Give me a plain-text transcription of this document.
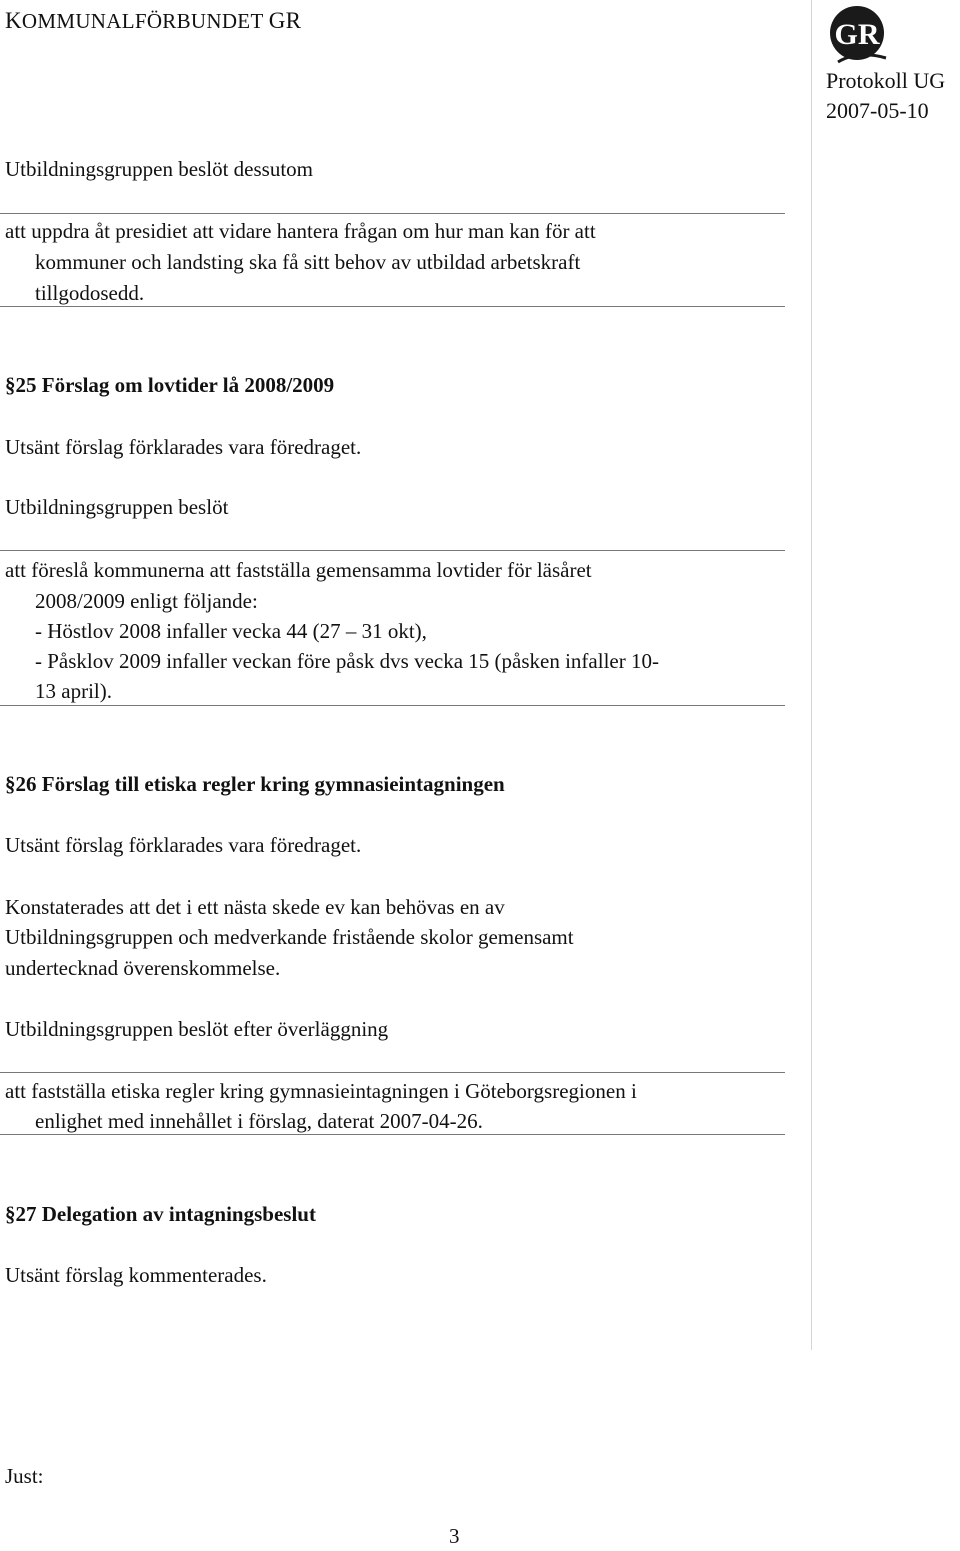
KOMMUNALFÖRBUNDET GR	GR
Protokoll UG
2007-05-10
Utbildningsgruppen beslöt dessutom
att uppdra åt presidiet att vidare hantera frågan om hur man kan för att
kommuner och landsting ska få sitt behov av utbildad arbetskraft
tillgodosedd.
§25 Förslag om lovtider lå 2008/2009
Utsänt förslag förklarades vara föredraget.
Utbildningsgruppen beslöt
att föreslå kommunerna att fastställa gemensamma lovtider för läsåret
2008/2009 enligt följande:
- Höstlov 2008 infaller vecka 44 (27 – 31 okt),
- Påsklov 2009 infaller veckan före påsk dvs vecka 15 (påsken infaller 10-
13 april).
§26 Förslag till etiska regler kring gymnasieintagningen
Utsänt förslag förklarades vara föredraget.
Konstaterades att det i ett nästa skede ev kan behövas en av
Utbildningsgruppen och medverkande fristående skolor gemensamt
undertecknad överenskommelse.
Utbildningsgruppen beslöt efter överläggning
att fastställa etiska regler kring gymnasieintagningen i Göteborgsregionen i
enlighet med innehållet i förslag, daterat 2007-04-26.
§27 Delegation av intagningsbeslut
Utsänt förslag kommenterades.
Just:
3
